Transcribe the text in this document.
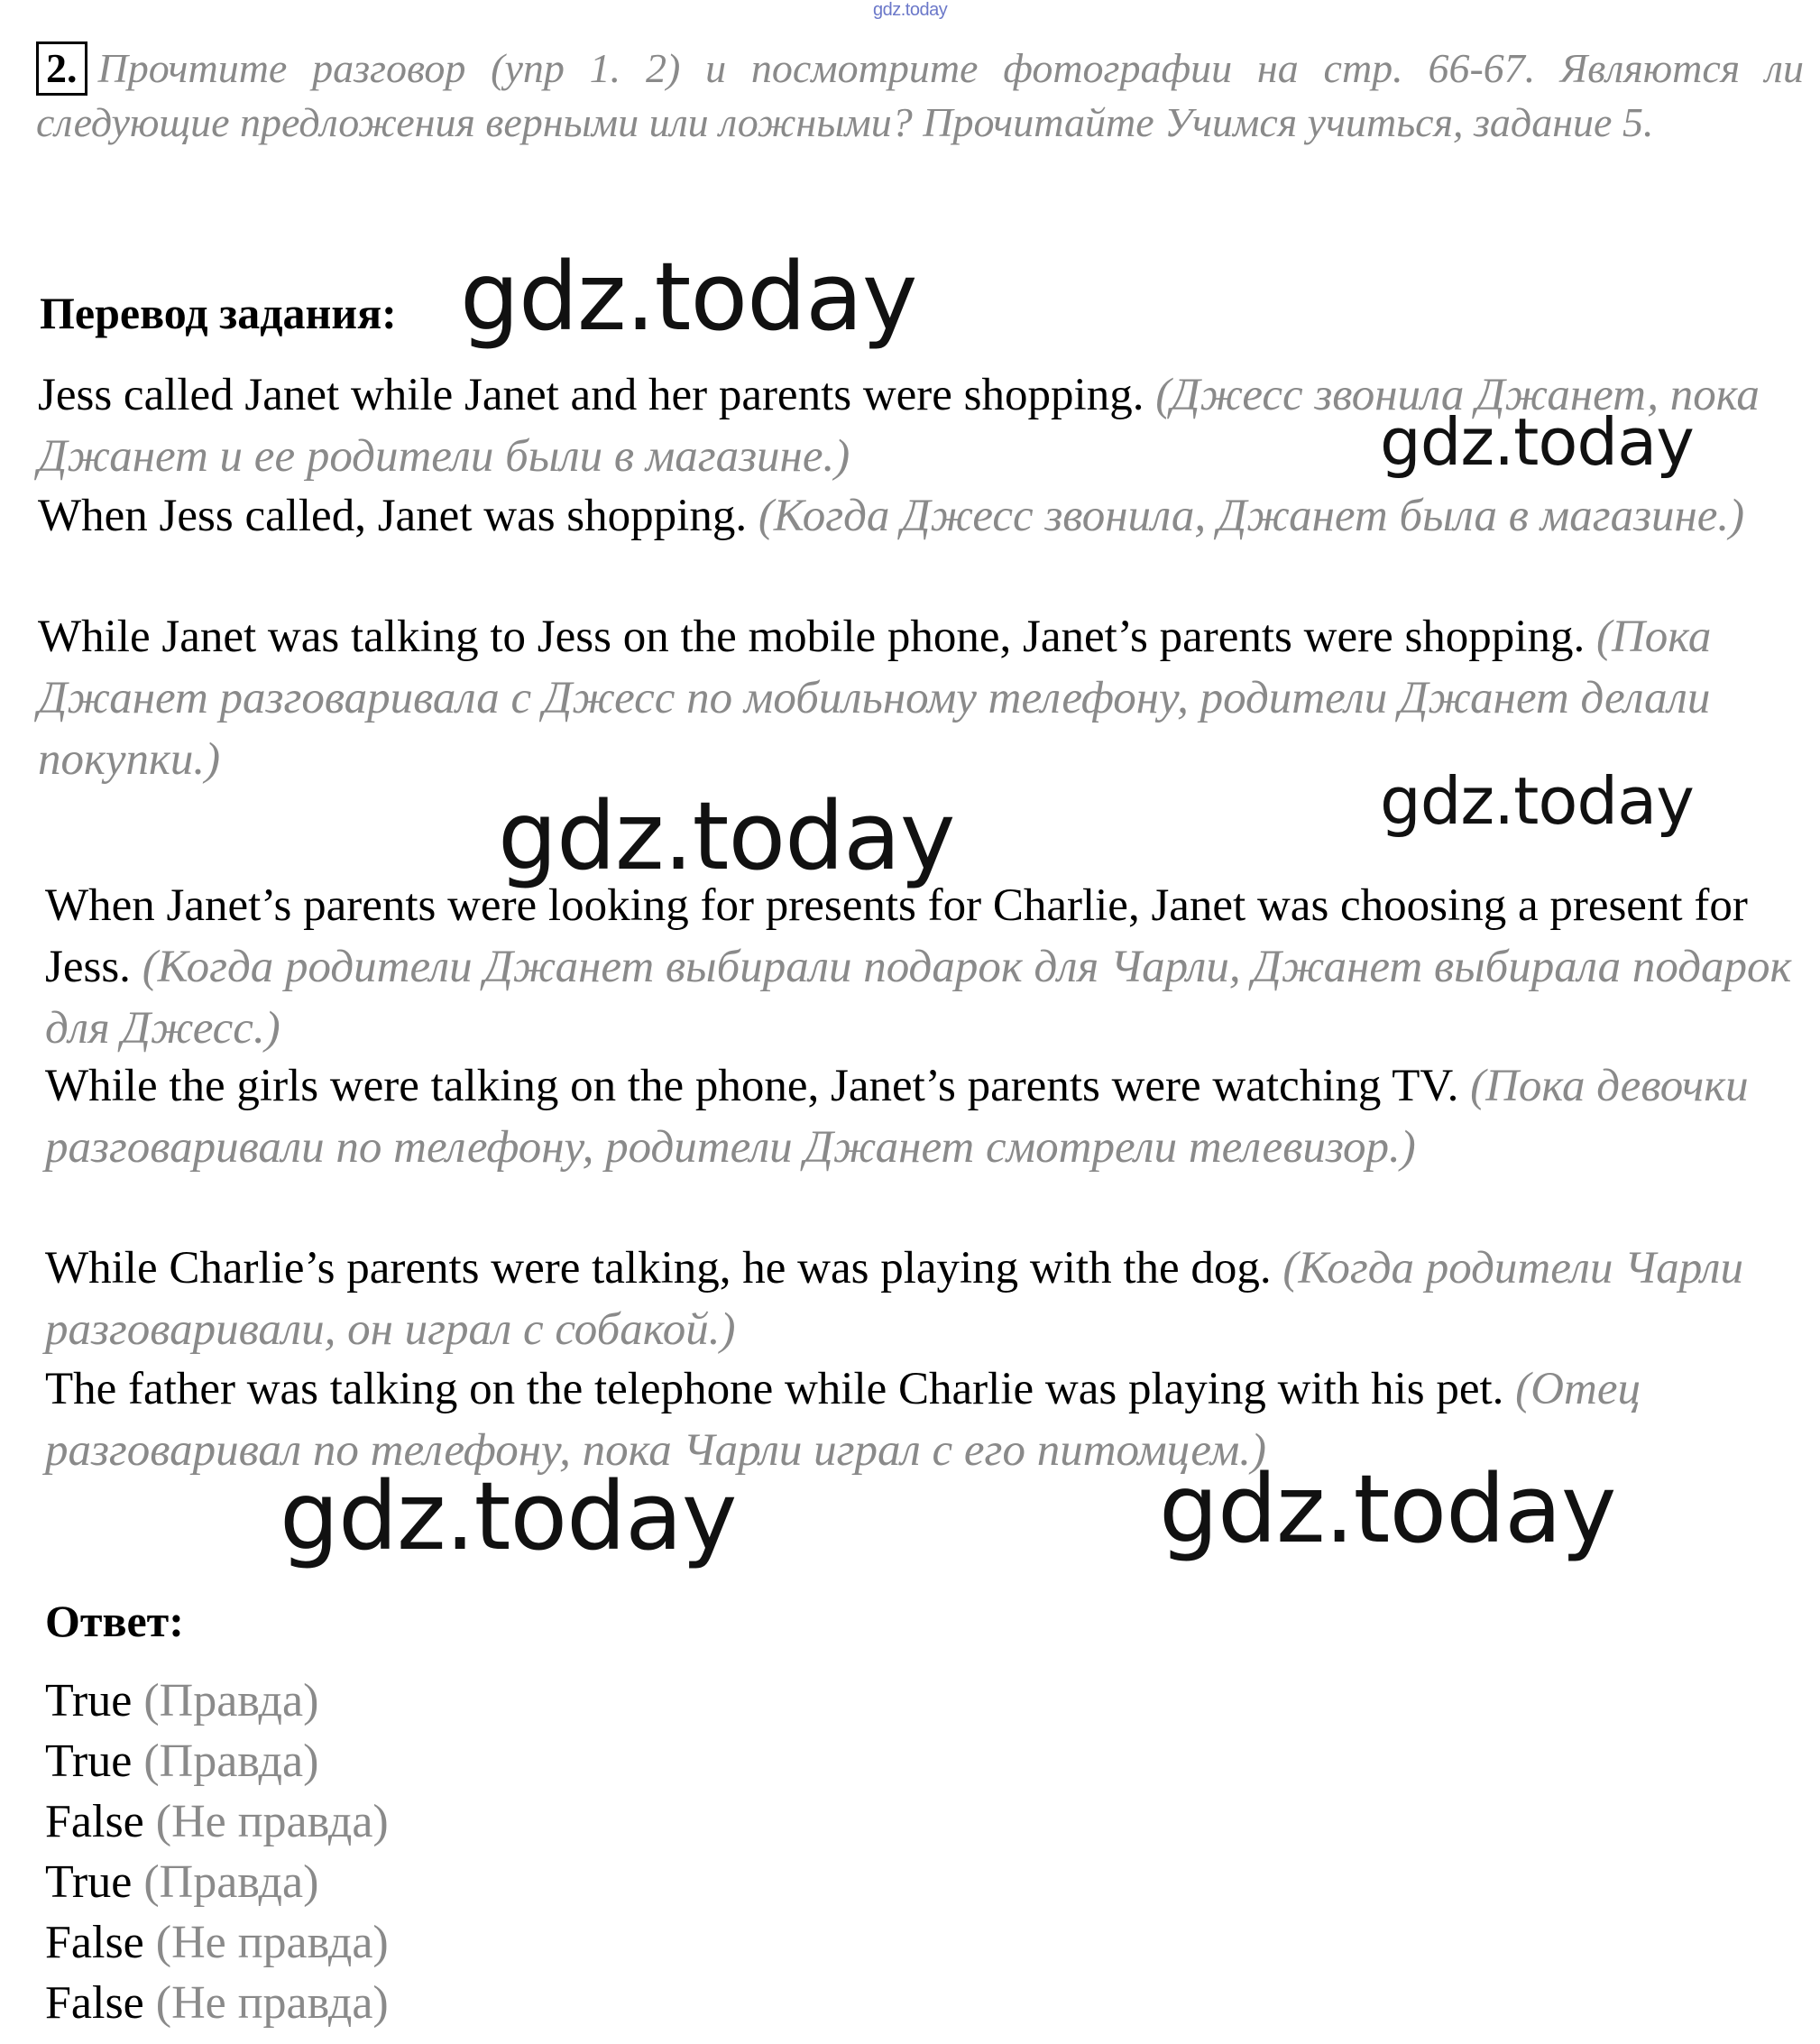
gdz.today
2. Прочтите разговор (упр 1. 2) и посмотрите фотографии на стр. 66-67. Являются ли следующие предложения верными или ложными? Прочитайте Учимся учиться, задание 5.
Перевод задания:
Jess called Janet while Janet and her parents were shopping. (Джесс звонила Джанет, пока Джанет и ее родители были в магазине.)
When Jess called, Janet was shopping. (Когда Джесс звонила, Джанет была в магазине.)
While Janet was talking to Jess on the mobile phone, Janet’s parents were shopping. (Пока Джанет разговаривала с Джесс по мобильному телефону, родители Джанет делали покупки.)
When Janet’s parents were looking for presents for Charlie, Janet was choosing a present for Jess. (Когда родители Джанет выбирали подарок для Чарли, Джанет выбирала подарок для Джесс.)
While the girls were talking on the phone, Janet’s parents were watching TV. (Пока девочки разговаривали по телефону, родители Джанет смотрели телевизор.)
While Charlie’s parents were talking, he was playing with the dog. (Когда родители Чарли разговаривали, он играл с собакой.)
The father was talking on the telephone while Charlie was playing with his pet. (Отец разговаривал по телефону, пока Чарли играл с его питомцем.)
Ответ:
True (Правда)
True (Правда)
False (Не правда)
True (Правда)
False (Не правда)
False (Не правда)
gdz.today
gdz.today
gdz.today
gdz.today
gdz.today	gdz.today
